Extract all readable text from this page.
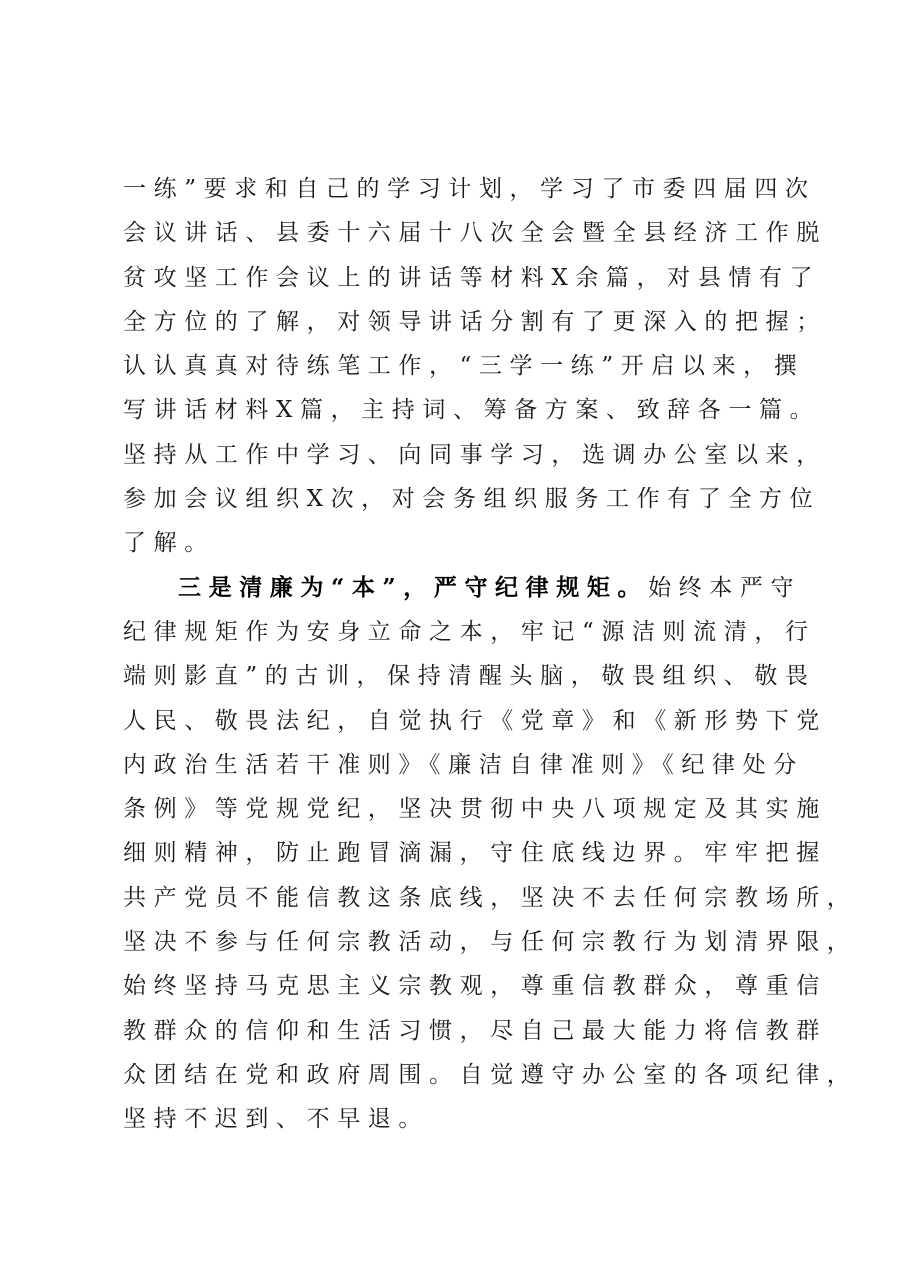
一练”要求和自己的学习计划，学习了市委四届四次
会议讲话、县委十六届十八次全会暨全县经济工作脱
贫攻坚工作会议上的讲话等材料X余篇，对县情有了
全方位的了解，对领导讲话分割有了更深入的把握；
认认真真对待练笔工作，“三学一练”开启以来，撰
写讲话材料X篇，主持词、筹备方案、致辞各一篇。
坚持从工作中学习、向同事学习，选调办公室以来，
参加会议组织X次，对会务组织服务工作有了全方位
了解。
三是清廉为“本”，严守纪律规矩。始终本严守
纪律规矩作为安身立命之本，牢记“源洁则流清，行
端则影直”的古训，保持清醒头脑，敬畏组织、敬畏
人民、敬畏法纪，自觉执行《党章》和《新形势下党
内政治生活若干准则》《廉洁自律准则》《纪律处分
条例》等党规党纪，坚决贯彻中央八项规定及其实施
细则精神，防止跑冒滴漏，守住底线边界。牢牢把握
共产党员不能信教这条底线，坚决不去任何宗教场所，
坚决不参与任何宗教活动，与任何宗教行为划清界限，
始终坚持马克思主义宗教观，尊重信教群众，尊重信
教群众的信仰和生活习惯，尽自己最大能力将信教群
众团结在党和政府周围。自觉遵守办公室的各项纪律，
坚持不迟到、不早退。
